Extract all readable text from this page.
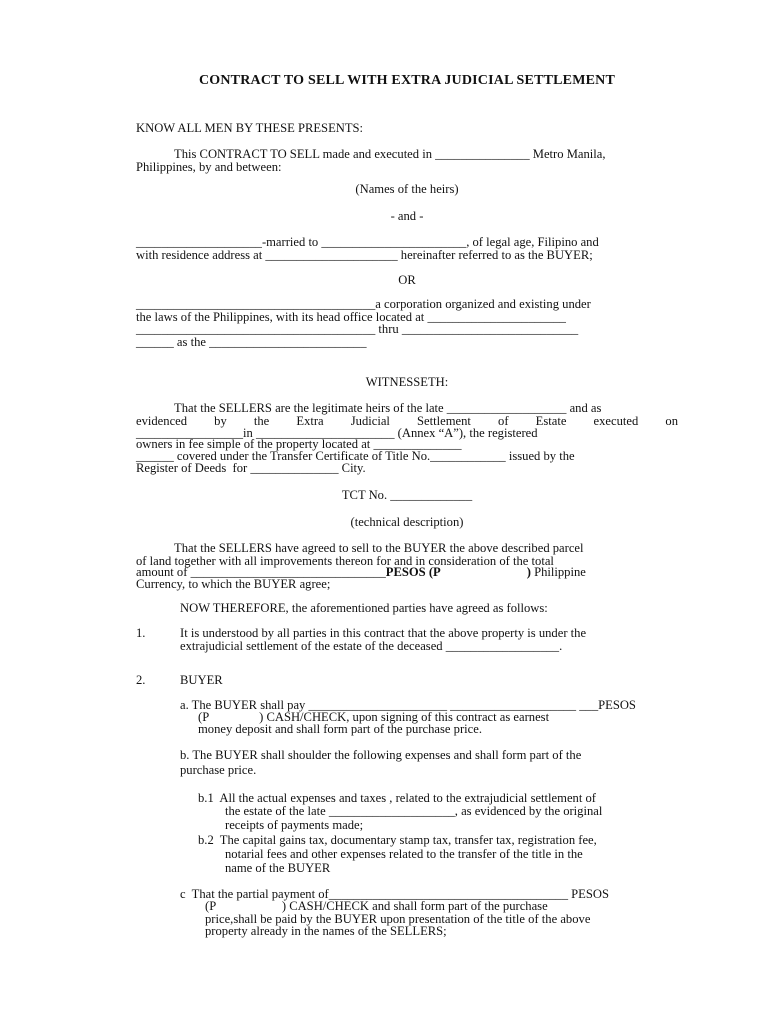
CONTRACT TO SELL WITH EXTRA JUDICIAL SETTLEMENT
KNOW ALL MEN BY THESE PRESENTS:
This CONTRACT TO SELL made and executed in _______________ Metro Manila,
Philippines, by and between:
(Names of the heirs)
- and -
____________________-married to _______________________, of legal age, Filipino and
with residence address at _____________________ hereinafter referred to as the BUYER;
OR
______________________________________a corporation organized and existing under
the laws of the Philippines, with its head office located at ______________________
______________________________________ thru ____________________________
______ as the _________________________
WITNESSETH:
That the SELLERS are the legitimate heirs of the late ___________________ and as
evidenced by the Extra Judicial Settlement of Estate executed on
_________________in ______________________ (Annex “A”), the registered
owners in fee simple of the property located at ______________
______ covered under the Transfer Certificate of Title No.____________ issued by the
Register of Deeds  for ______________ City.
TCT No. _____________
(technical description)
That the SELLERS have agreed to sell to the BUYER the above described parcel
of land together with all improvements thereon for and in consideration of the total
amount of _______________________________PESOS (P	) Philippine
Currency, to which the BUYER agree;
NOW THEREFORE, the aforementioned parties have agreed as follows:
1.	It is understood by all parties in this contract that the above property is under the
extrajudicial settlement of the estate of the deceased __________________.
2.	BUYER
a. The BUYER shall pay ______________________ ____________________ ___PESOS
(P                ) CASH/CHECK, upon signing of this contract as earnest
money deposit and shall form part of the purchase price.
b. The BUYER shall shoulder the following expenses and shall form part of the
purchase price.
b.1  All the actual expenses and taxes , related to the extrajudicial settlement of
the estate of the late ____________________, as evidenced by the original
receipts of payments made;
b.2  The capital gains tax, documentary stamp tax, transfer tax, registration fee,
notarial fees and other expenses related to the transfer of the title in the
name of the BUYER
c  That the partial payment of______________________________________ PESOS
(P                     ) CASH/CHECK and shall form part of the purchase
price,shall be paid by the BUYER upon presentation of the title of the above
property already in the names of the SELLERS;
